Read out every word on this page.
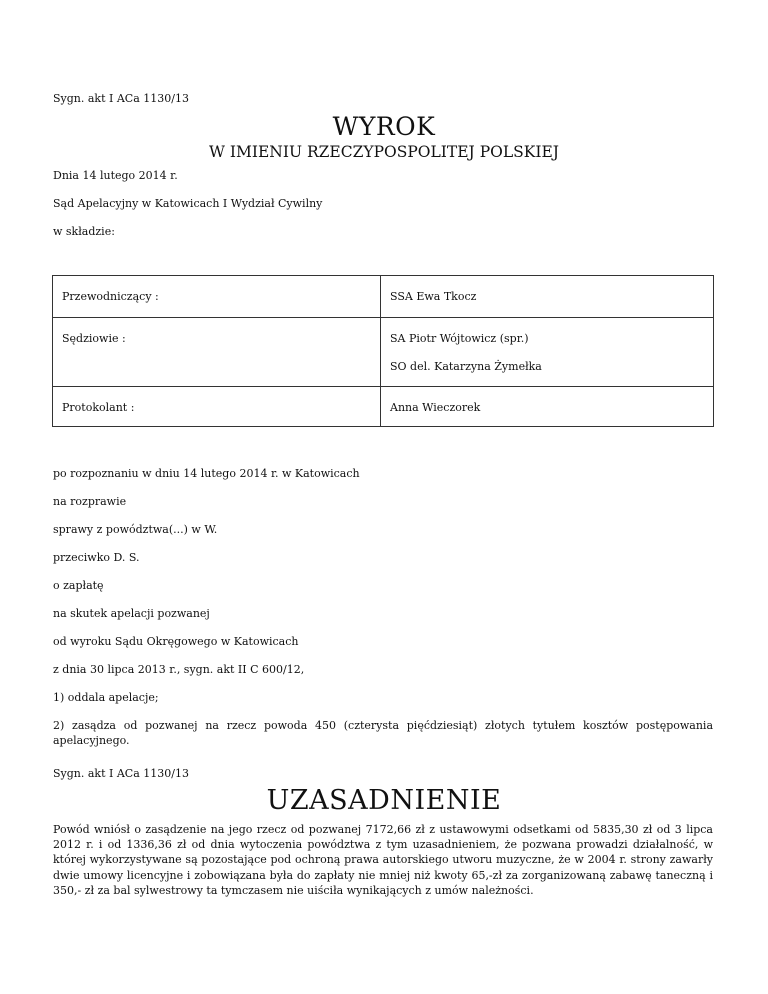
Sygn. akt I ACa 1130/13
WYROK
W IMIENIU RZECZYPOSPOLITEJ POLSKIEJ
Dnia 14 lutego 2014 r.
Sąd Apelacyjny w Katowicach I Wydział Cywilny
w składzie:
Przewodniczący :	SSA Ewa Tkocz

Sędziowie :	SA Piotr Wójtowicz (spr.)
SO del. Katarzyna Żymełka

Protokolant :	Anna Wieczorek
po rozpoznaniu w dniu 14 lutego 2014 r. w Katowicach
na rozprawie
sprawy z powództwa(...) w W.
przeciwko D. S.
o zapłatę
na skutek apelacji pozwanej
od wyroku Sądu Okręgowego w Katowicach
z dnia 30 lipca 2013 r., sygn. akt II C 600/12,
1) oddala apelacje;
2) zasądza od pozwanej na rzecz powoda 450 (czterysta pięćdziesiąt) złotych tytułem kosztów postępowania apelacyjnego.
Sygn. akt I ACa 1130/13
UZASADNIENIE
Powód wniósł o zasądzenie na jego rzecz od pozwanej 7172,66 zł z ustawowymi odsetkami od 5835,30 zł od 3 lipca 2012 r. i od 1336,36 zł od dnia wytoczenia powództwa z tym uzasadnieniem, że pozwana prowadzi działalność, w której wykorzystywane są pozostające pod ochroną prawa autorskiego utworu muzyczne, że w 2004 r. strony zawarły dwie umowy licencyjne i zobowiązana była do zapłaty nie mniej niż kwoty 65,-zł za zorganizowaną zabawę taneczną i 350,- zł za bal sylwestrowy ta tymczasem nie uiściła wynikających z umów należności.
